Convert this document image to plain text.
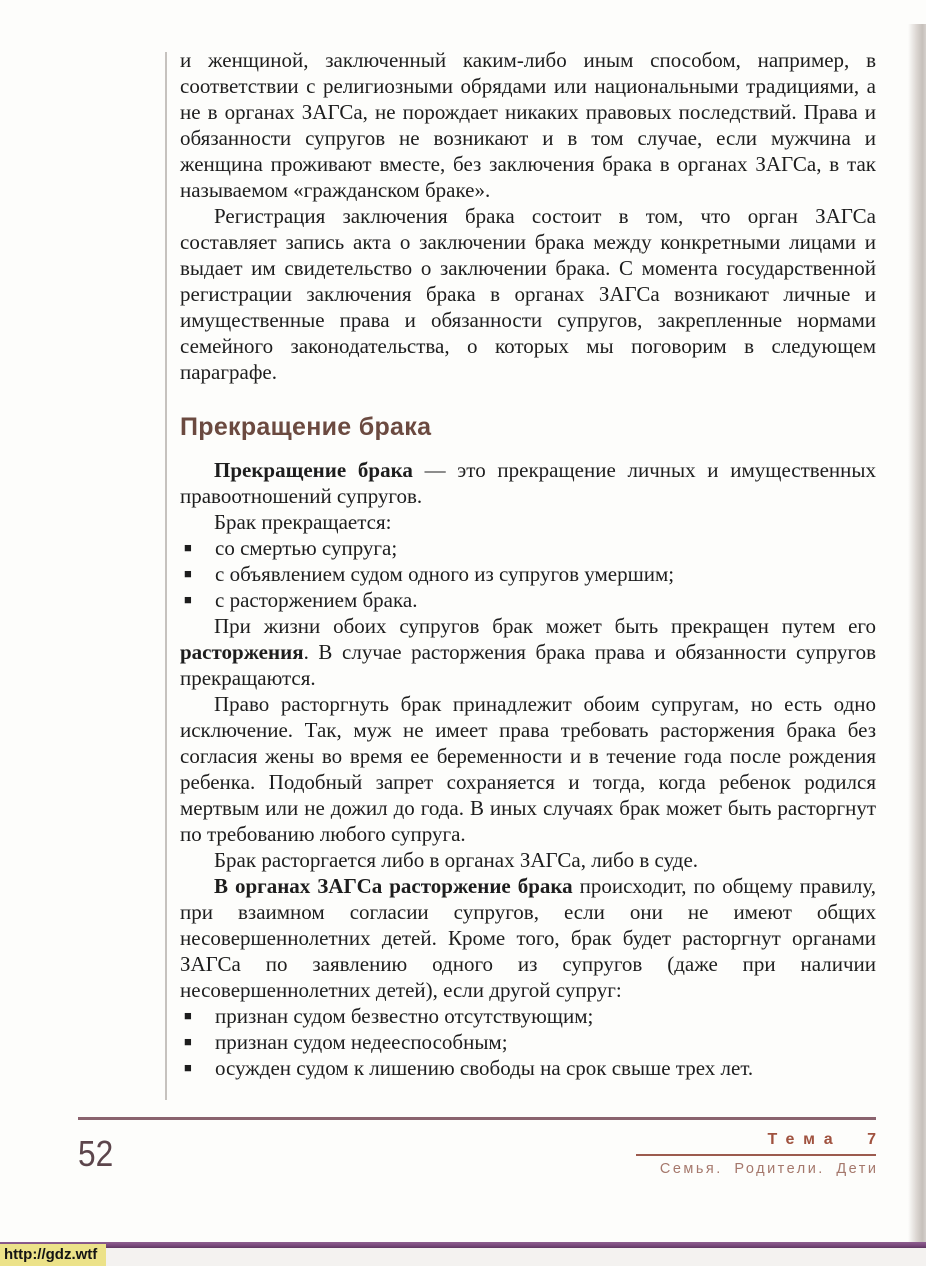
и женщиной, заключенный каким-либо иным способом, например, в соответствии с религиозными обрядами или национальными традициями, а не в органах ЗАГСа, не порождает никаких правовых последствий. Права и обязанности супругов не возникают и в том случае, если мужчина и женщина проживают вместе, без заключения брака в органах ЗАГСа, в так называемом «гражданском браке».

Регистрация заключения брака состоит в том, что орган ЗАГСа составляет запись акта о заключении брака между конкретными лицами и выдает им свидетельство о заключении брака. С момента государственной регистрации заключения брака в органах ЗАГСа возникают личные и имущественные права и обязанности супругов, закрепленные нормами семейного законодательства, о которых мы поговорим в следующем параграфе.

Прекращение брака

Прекращение брака — это прекращение личных и имущественных правоотношений супругов.

Брак прекращается:

■	со смертью супруга;
■	с объявлением судом одного из супругов умершим;
■	с расторжением брака.

При жизни обоих супругов брак может быть прекращен путем его расторжения. В случае расторжения брака права и обязанности супругов прекращаются.

Право расторгнуть брак принадлежит обоим супругам, но есть одно исключение. Так, муж не имеет права требовать расторжения брака без согласия жены во время ее беременности и в течение года после рождения ребенка. Подобный запрет сохраняется и тогда, когда ребенок родился мертвым или не дожил до года. В иных случаях брак может быть расторгнут по требованию любого супруга.

Брак расторгается либо в органах ЗАГСа, либо в суде.

В органах ЗАГСа расторжение брака происходит, по общему правилу, при взаимном согласии супругов, если они не имеют общих несовершеннолетних детей. Кроме того, брак будет расторгнут органами ЗАГСа по заявлению одного из супругов (даже при наличии несовершеннолетних детей), если другой супруг:

■	признан судом безвестно отсутствующим;
■	признан судом недееспособным;
■	осужден судом к лишению свободы на срок свыше трех лет.
52	Тема 7
Семья. Родители. Дети
http://gdz.wtf
